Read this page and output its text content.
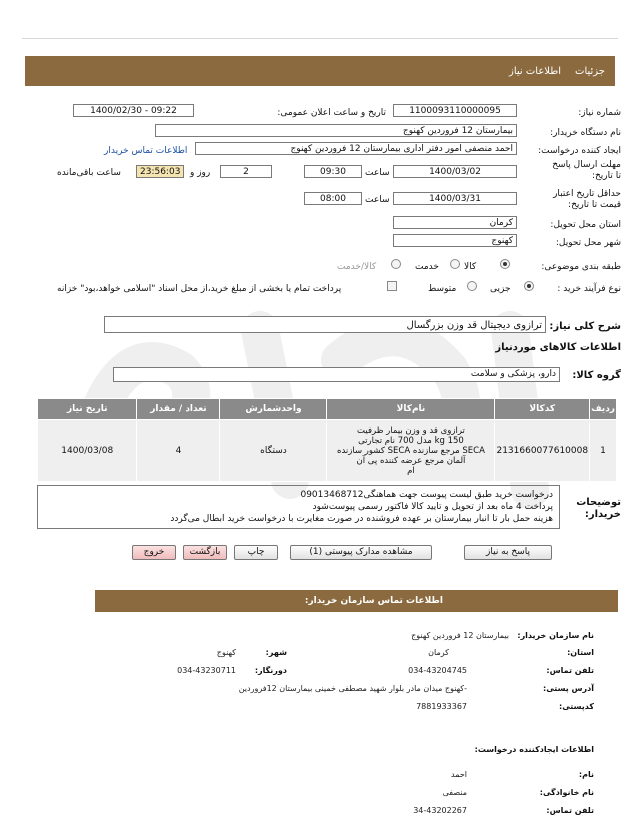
جزئیات
اطلاعات نیاز
شماره نیاز:
1100093110000095
تاریخ و ساعت اعلان عمومی:
1400/02/30 - 09:22
نام دستگاه خریدار:
بیمارستان 12 فروردین کهنوج
ایجاد کننده درخواست:
احمد منصفی امور دفتر اداری بیمارستان 12 فروردین کهنوج
اطلاعات تماس خریدار
مهلت ارسال پاسخ تا تاریخ:
1400/03/02
ساعت
09:30
2
روز و
23:56:03
ساعت باقی‌مانده
حداقل تاریخ اعتبار قیمت تا تاریخ:
1400/03/31
ساعت
08:00
استان محل تحویل:
کرمان
شهر محل تحویل:
کهنوج
طبقه بندی موضوعی:
کالا
خدمت
کالا/خدمت
نوع فرآیند خرید :
جزیی
متوسط
پرداخت تمام یا بخشی از مبلغ خرید،از محل اسناد "اسلامی خواهد،بود" خزانه
شرح کلی نیاز:
ترازوی دیجیتال قد وزن بزرگسال
اطلاعات کالاهای موردنیاز
گروه کالا:
دارو، پزشکی و سلامت
ردیف	کدکالا	نام‌کالا	واحدشمارش	تعداد / مقدار	تاریخ نیاز
1	2131660077610008	ترازوی قد و وزن بیمار ظرفیت
150 kg مدل 700 نام تجارتی
SECA مرجع سازنده SECA کشور سازنده
آلمان مرجع عرضه کننده پی آن
ام	دستگاه	4	1400/03/08
توضیحات خریدار:
درخواست خرید طبق لیست پیوست جهت هماهنگی09013468712
پرداخت 4 ماه بعد از تحویل و تایید کالا فاکتور رسمی پیوست‌شود
هزینه حمل بار تا انبار بیمارستان بر عهده فروشنده در صورت مغایرت با درخواست خرید ابطال می‌گردد
پاسخ به نیاز
مشاهده مدارک پیوستی (1)
چاپ
بازگشت
خروج
اطلاعات تماس سازمان خریدار:
نام سازمان خریدار:
بیمارستان 12 فروردین کهنوج
استان:
کرمان
شهر:
کهنوج
تلفن تماس:
034-43204745
دورنگار:
034-43230711
آدرس پستی:
-کهنوج میدان مادر بلوار شهید مصطفی خمینی بیمارستان 12فروردین
کدپستی:
7881933367
اطلاعات ایجادکننده درخواست:
نام:
احمد
نام خانوادگی:
منصفی
تلفن تماس:
34-43202267
